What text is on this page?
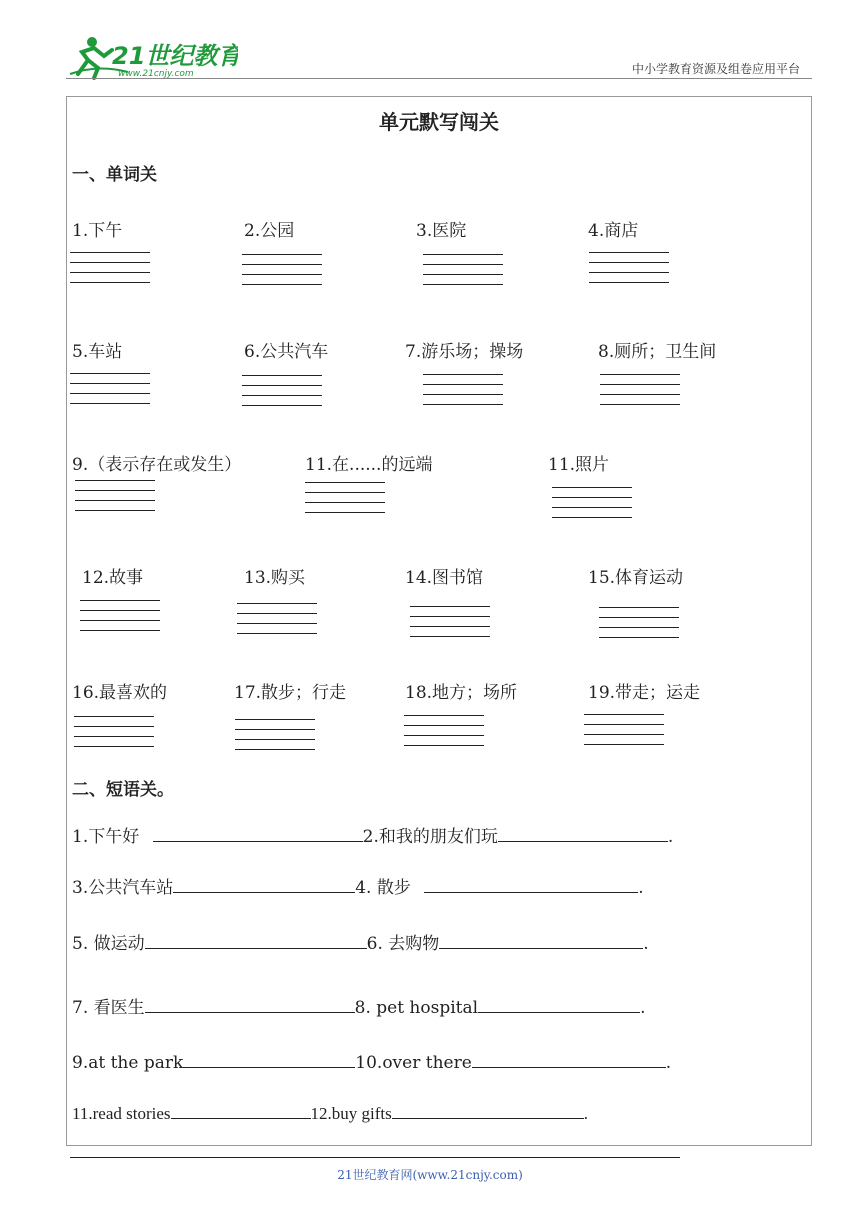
21世纪教育
www.21cnjy.com	中小学教育资源及组卷应用平台
单元默写闯关
一、单词关
1.下午	2.公园	3.医院	4.商店
5.车站	6.公共汽车	7.游乐场；操场	8.厕所；卫生间
9.（表示存在或发生）	11.在......的远端	11.照片
12.故事	13.购买	14.图书馆	15.体育运动
16.最喜欢的	17.散步；行走	18.地方；场所	19.带走；运走
二、短语关。
1.下午好	2.和我的朋友们玩	.
3.公共汽车站	4. 散步	.
5. 做运动	6. 去购物	.
7. 看医生	8. pet hospital	.
9.at the park	10.over there	.
11.read stories	12.buy gifts	.
21世纪教育网(www.21cnjy.com)
